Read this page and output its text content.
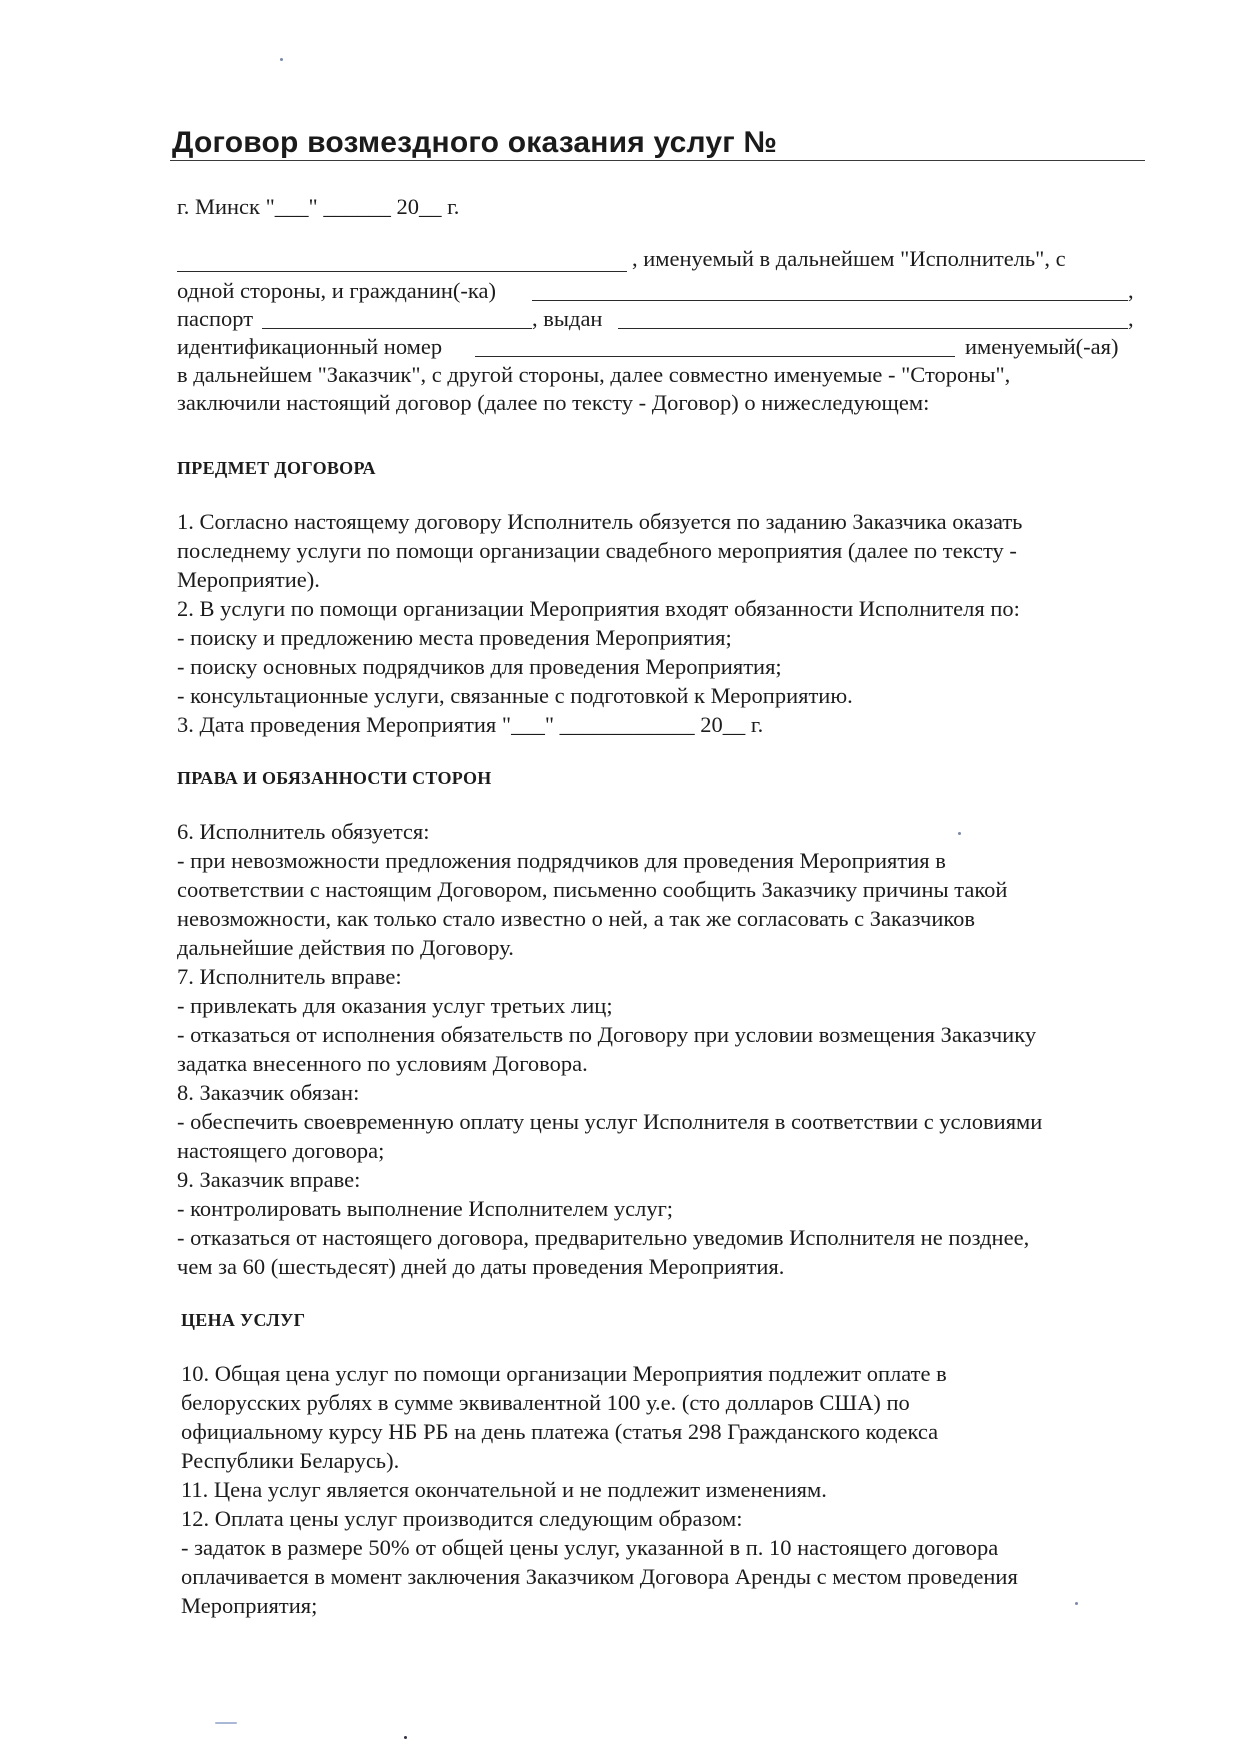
Договор возмездного оказания услуг №
г. Минск "___" ______ 20__ г.
, именуемый в дальнейшем "Исполнитель", с
одной стороны, и гражданин(-ка)	,
паспорт	, выдан	,
идентификационный номер	именуемый(-ая)
в дальнейшем "Заказчик", с другой стороны, далее совместно именуемые - "Стороны",
заключили настоящий договор (далее по тексту - Договор) о нижеследующем:
ПРЕДМЕТ ДОГОВОРА
1. Согласно настоящему договору Исполнитель обязуется по заданию Заказчика оказать
последнему услуги по помощи организации свадебного мероприятия (далее по тексту -
Мероприятие).
2. В услуги по помощи организации Мероприятия входят обязанности Исполнителя по:
- поиску и предложению места проведения Мероприятия;
- поиску основных подрядчиков для проведения Мероприятия;
- консультационные услуги, связанные с подготовкой к Мероприятию.
3. Дата проведения Мероприятия "___" ____________ 20__ г.
ПРАВА И ОБЯЗАННОСТИ СТОРОН
6. Исполнитель обязуется:
- при невозможности предложения подрядчиков для проведения Мероприятия в
соответствии с настоящим Договором, письменно сообщить Заказчику причины такой
невозможности, как только стало известно о ней, а так же согласовать с Заказчиков
дальнейшие действия по Договору.
7. Исполнитель вправе:
- привлекать для оказания услуг третьих лиц;
- отказаться от исполнения обязательств по Договору при условии возмещения Заказчику
задатка внесенного по условиям Договора.
8. Заказчик обязан:
- обеспечить своевременную оплату цены услуг Исполнителя в соответствии с условиями
настоящего договора;
9. Заказчик вправе:
- контролировать выполнение Исполнителем услуг;
- отказаться от настоящего договора, предварительно уведомив Исполнителя не позднее,
чем за 60 (шестьдесят) дней до даты проведения Мероприятия.
ЦЕНА УСЛУГ
10. Общая цена услуг по помощи организации Мероприятия подлежит оплате в
белорусских рублях в сумме эквивалентной 100 у.е. (сто долларов США) по
официальному курсу НБ РБ на день платежа (статья 298 Гражданского кодекса
Республики Беларусь).
11. Цена услуг является окончательной и не подлежит изменениям.
12. Оплата цены услуг производится следующим образом:
- задаток в размере 50% от общей цены услуг, указанной в п. 10 настоящего договора
оплачивается в момент заключения Заказчиком Договора Аренды с местом проведения
Мероприятия;
